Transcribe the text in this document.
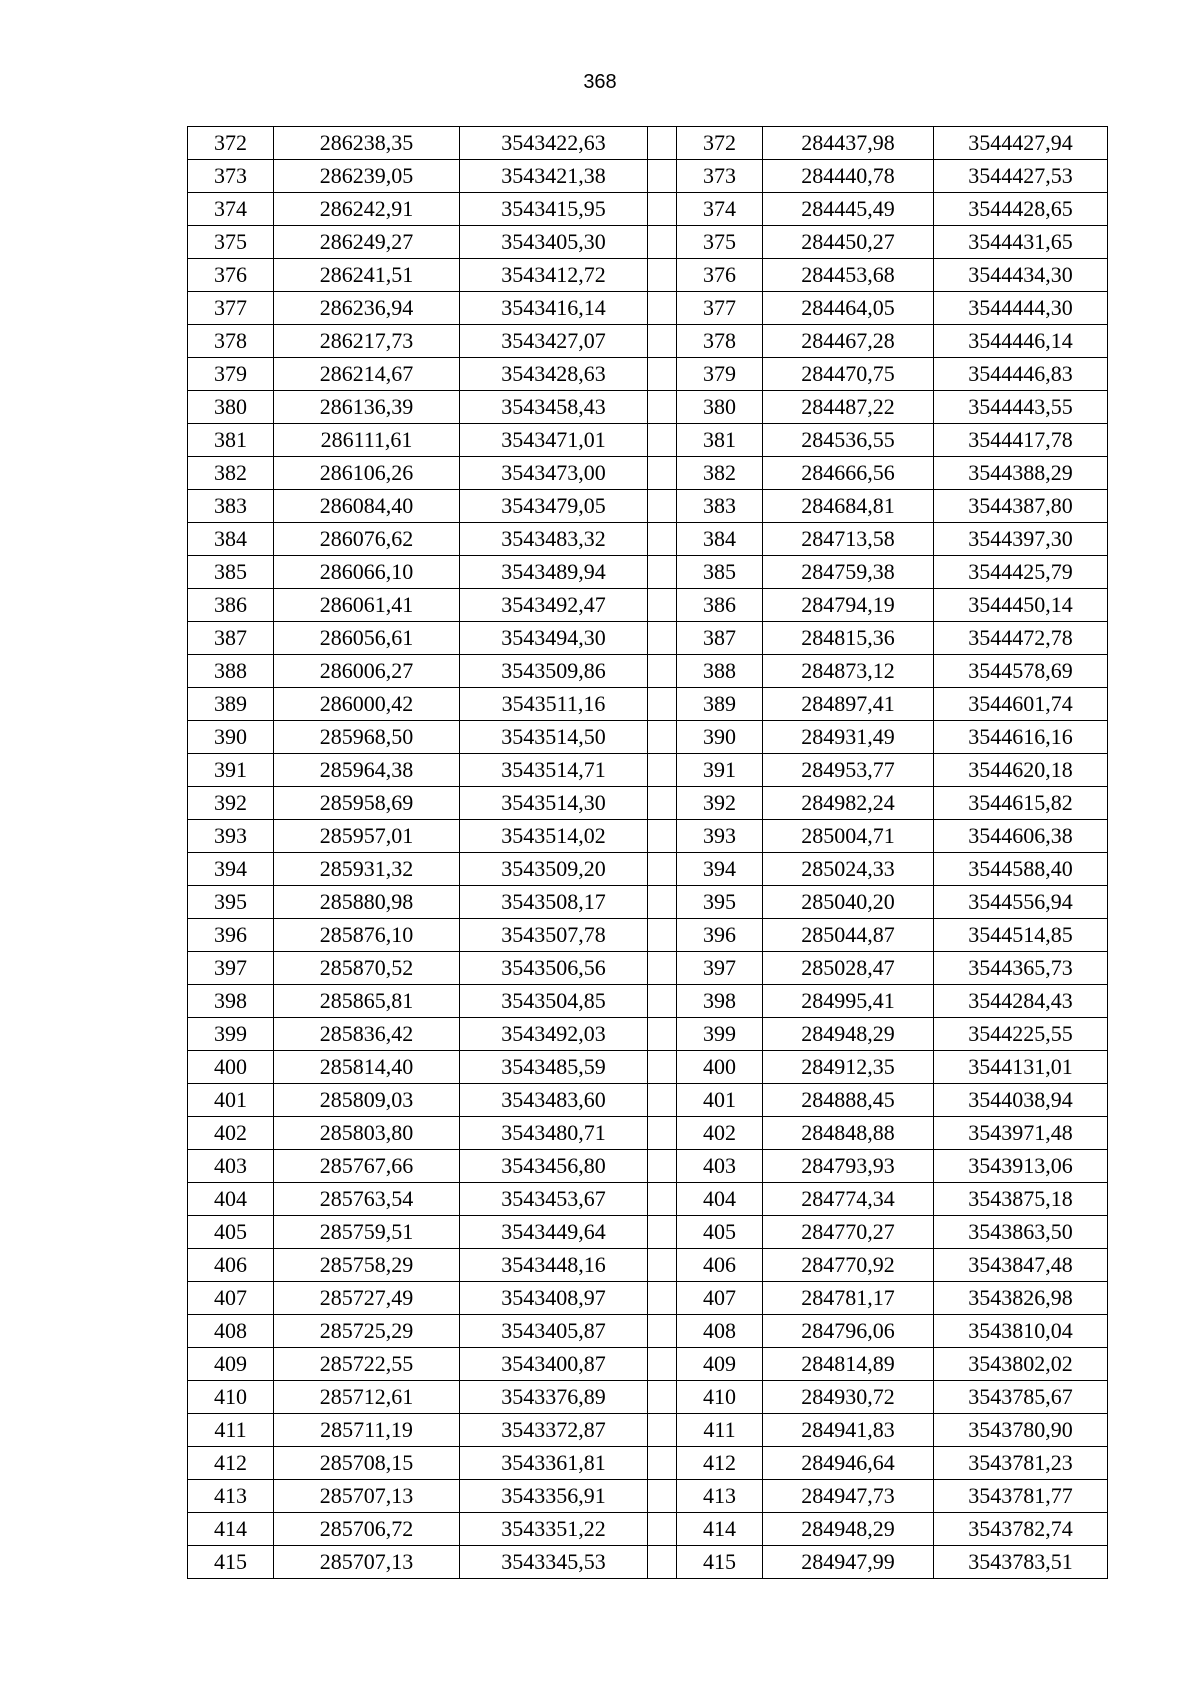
368
372	286238,35	3543422,63		372	284437,98	3544427,94
373	286239,05	3543421,38		373	284440,78	3544427,53
374	286242,91	3543415,95		374	284445,49	3544428,65
375	286249,27	3543405,30		375	284450,27	3544431,65
376	286241,51	3543412,72		376	284453,68	3544434,30
377	286236,94	3543416,14		377	284464,05	3544444,30
378	286217,73	3543427,07		378	284467,28	3544446,14
379	286214,67	3543428,63		379	284470,75	3544446,83
380	286136,39	3543458,43		380	284487,22	3544443,55
381	286111,61	3543471,01		381	284536,55	3544417,78
382	286106,26	3543473,00		382	284666,56	3544388,29
383	286084,40	3543479,05		383	284684,81	3544387,80
384	286076,62	3543483,32		384	284713,58	3544397,30
385	286066,10	3543489,94		385	284759,38	3544425,79
386	286061,41	3543492,47		386	284794,19	3544450,14
387	286056,61	3543494,30		387	284815,36	3544472,78
388	286006,27	3543509,86		388	284873,12	3544578,69
389	286000,42	3543511,16		389	284897,41	3544601,74
390	285968,50	3543514,50		390	284931,49	3544616,16
391	285964,38	3543514,71		391	284953,77	3544620,18
392	285958,69	3543514,30		392	284982,24	3544615,82
393	285957,01	3543514,02		393	285004,71	3544606,38
394	285931,32	3543509,20		394	285024,33	3544588,40
395	285880,98	3543508,17		395	285040,20	3544556,94
396	285876,10	3543507,78		396	285044,87	3544514,85
397	285870,52	3543506,56		397	285028,47	3544365,73
398	285865,81	3543504,85		398	284995,41	3544284,43
399	285836,42	3543492,03		399	284948,29	3544225,55
400	285814,40	3543485,59		400	284912,35	3544131,01
401	285809,03	3543483,60		401	284888,45	3544038,94
402	285803,80	3543480,71		402	284848,88	3543971,48
403	285767,66	3543456,80		403	284793,93	3543913,06
404	285763,54	3543453,67		404	284774,34	3543875,18
405	285759,51	3543449,64		405	284770,27	3543863,50
406	285758,29	3543448,16		406	284770,92	3543847,48
407	285727,49	3543408,97		407	284781,17	3543826,98
408	285725,29	3543405,87		408	284796,06	3543810,04
409	285722,55	3543400,87		409	284814,89	3543802,02
410	285712,61	3543376,89		410	284930,72	3543785,67
411	285711,19	3543372,87		411	284941,83	3543780,90
412	285708,15	3543361,81		412	284946,64	3543781,23
413	285707,13	3543356,91		413	284947,73	3543781,77
414	285706,72	3543351,22		414	284948,29	3543782,74
415	285707,13	3543345,53		415	284947,99	3543783,51
